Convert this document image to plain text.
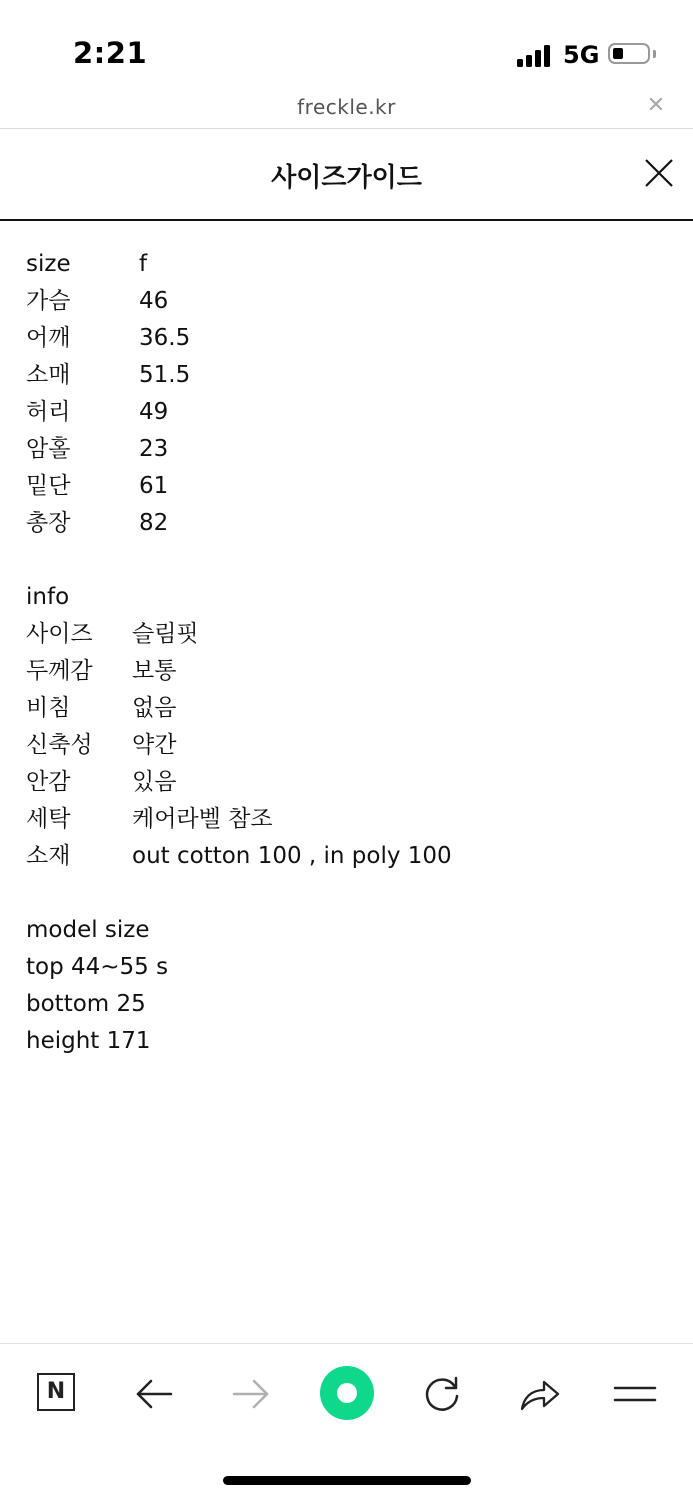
2:21	5G
freckle.kr	✕
사이즈가이드
size	f
가슴	46
어깨	36.5
소매	51.5
허리	49
암홀	23
밑단	61
총장	82
info
사이즈 슬림핏
두께감 보통
비침	없음
신축성 약간
안감	있음
세탁	케어라벨 참조
소재	out cotton 100 , in poly 100
model size
top 44~55 s
bottom 25
height 171
N
